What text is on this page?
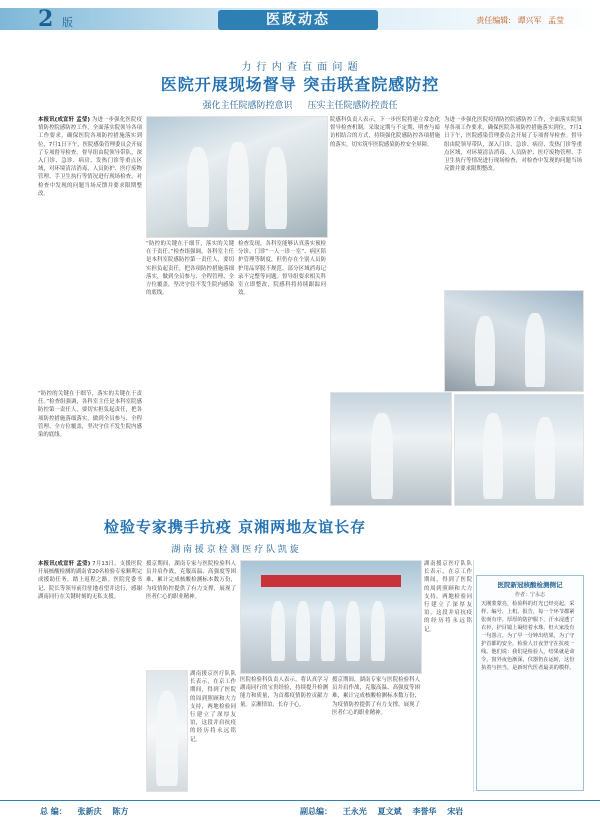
2 版	医政动态	责任编辑: 谭兴军 孟莹
力 行 内 查 直 面 问 题
医院开展现场督导 突击联查院感防控
强化主任院感防控意识 压实主任院感防控责任
本报讯(成宣轩 孟莹) 为进一步强化医院疫情防控院感防控工作，全面落实院领导各项工作要求，确保医院各项防控措施落实到位，7月1日下午，医院感染管理委员会开展了专项督导检查。督导组由院领导带队，深入门诊、急诊、病房、发热门诊等重点区域，对环境清洁消毒、人员防护、医疗废物管理、手卫生执行等情况进行现场检查，对检查中发现的问题当场反馈并要求限期整改。
“防控的关键在于细节，落实的关键在于责任。”检查组强调，各科室主任是本科室院感防控第一责任人，要切实担负起责任，把各项防控措施落细落实，做到全员参与、全程管理、全方位覆盖，坚决守住不发生院内感染的底线。
“防控的关键在于细节，落实的关键在于责任。”检查组强调，各科室主任是本科室院感防控第一责任人，要切实担负起责任，把各项防控措施落细落实，做到全员参与、全程管理、全方位覆盖，坚决守住不发生院内感染的底线。
检查发现，各科室能够认真落实预检分诊、门诊“一人一诊一室”、病区陪护管理等制度，但仍存在个别人员防护用品穿脱不规范、部分区域消毒记录不完整等问题。督导组要求相关科室立即整改，院感科将持续跟踪问效。
院感科负责人表示，下一步医院将建立常态化督导检查机制，采取定期与不定期、明查与暗访相结合的方式，持续强化院感防控各项措施的落实，切实筑牢医院感染防控安全屏障。
为进一步强化医院疫情防控院感防控工作，全面落实院领导各项工作要求，确保医院各项防控措施落实到位，7月1日下午，医院感染管理委员会开展了专项督导检查。督导组由院领导带队，深入门诊、急诊、病房、发热门诊等重点区域，对环境清洁消毒、人员防护、医疗废物管理、手卫生执行等情况进行现场检查，对检查中发现的问题当场反馈并要求限期整改。
检验专家携手抗疫 京湘两地友谊长存
湖 南 援 京 检 测 医 疗 队 凯 旋
本报讯(成宣轩 孟莹) 7月13日，支援医院开展核酸检测的湖南省20名检验专家顺利完成援助任务，踏上返程之路。医院党委书记、院长等领导前往驻地看望并送行，感谢湖南同行在关键时刻的无私支援。
援京期间，湖南专家与医院检验科人员并肩作战，克服高温、高强度等困难，累计完成核酸检测标本数万份，为疫情防控提供了有力支撑，展现了医者仁心的职业精神。
湖南援京医疗队队长表示，在京工作期间，得到了医院的周到照顾和大力支持，两地检验同行建立了深厚友谊，这段并肩抗疫的经历将永远铭记。
湖南援京医疗队队长表示，在京工作期间，得到了医院的周到照顾和大力支持，两地检验同行建立了深厚友谊，这段并肩抗疫的经历将永远铭记。
医院检验科负责人表示，将认真学习湖南同行的宝贵经验，持续提升检测能力和质量，为首都疫情防控贡献力量。京湘情谊，长存于心。
援京期间，湖南专家与医院检验科人员并肩作战，克服高温、高强度等困难，累计完成核酸检测标本数万份，为疫情防控提供了有力支撑，展现了医者仁心的职业精神。
医院新冠核酸检测侧记
作者：宁永志
天刚蒙蒙亮，检验科的灯光已经亮起。采样、编号、上机、报告，每一个环节都紧张而有序。厚厚的防护服下，汗水浸透了衣衫，护目镜上凝结着水珠，但大家没有一句怨言。为了早一分钟出结果，为了守护首都的安全，检验人日夜坚守在抗疫一线。他们说：我们是检验人，结果就是命令。窗外夜色渐深，仪器仍在运转，这份执着与担当，是新时代医者最美的模样。
总 编： 张新庆 陈方	副总编： 王永光 夏文斌 李誉华 宋岩
